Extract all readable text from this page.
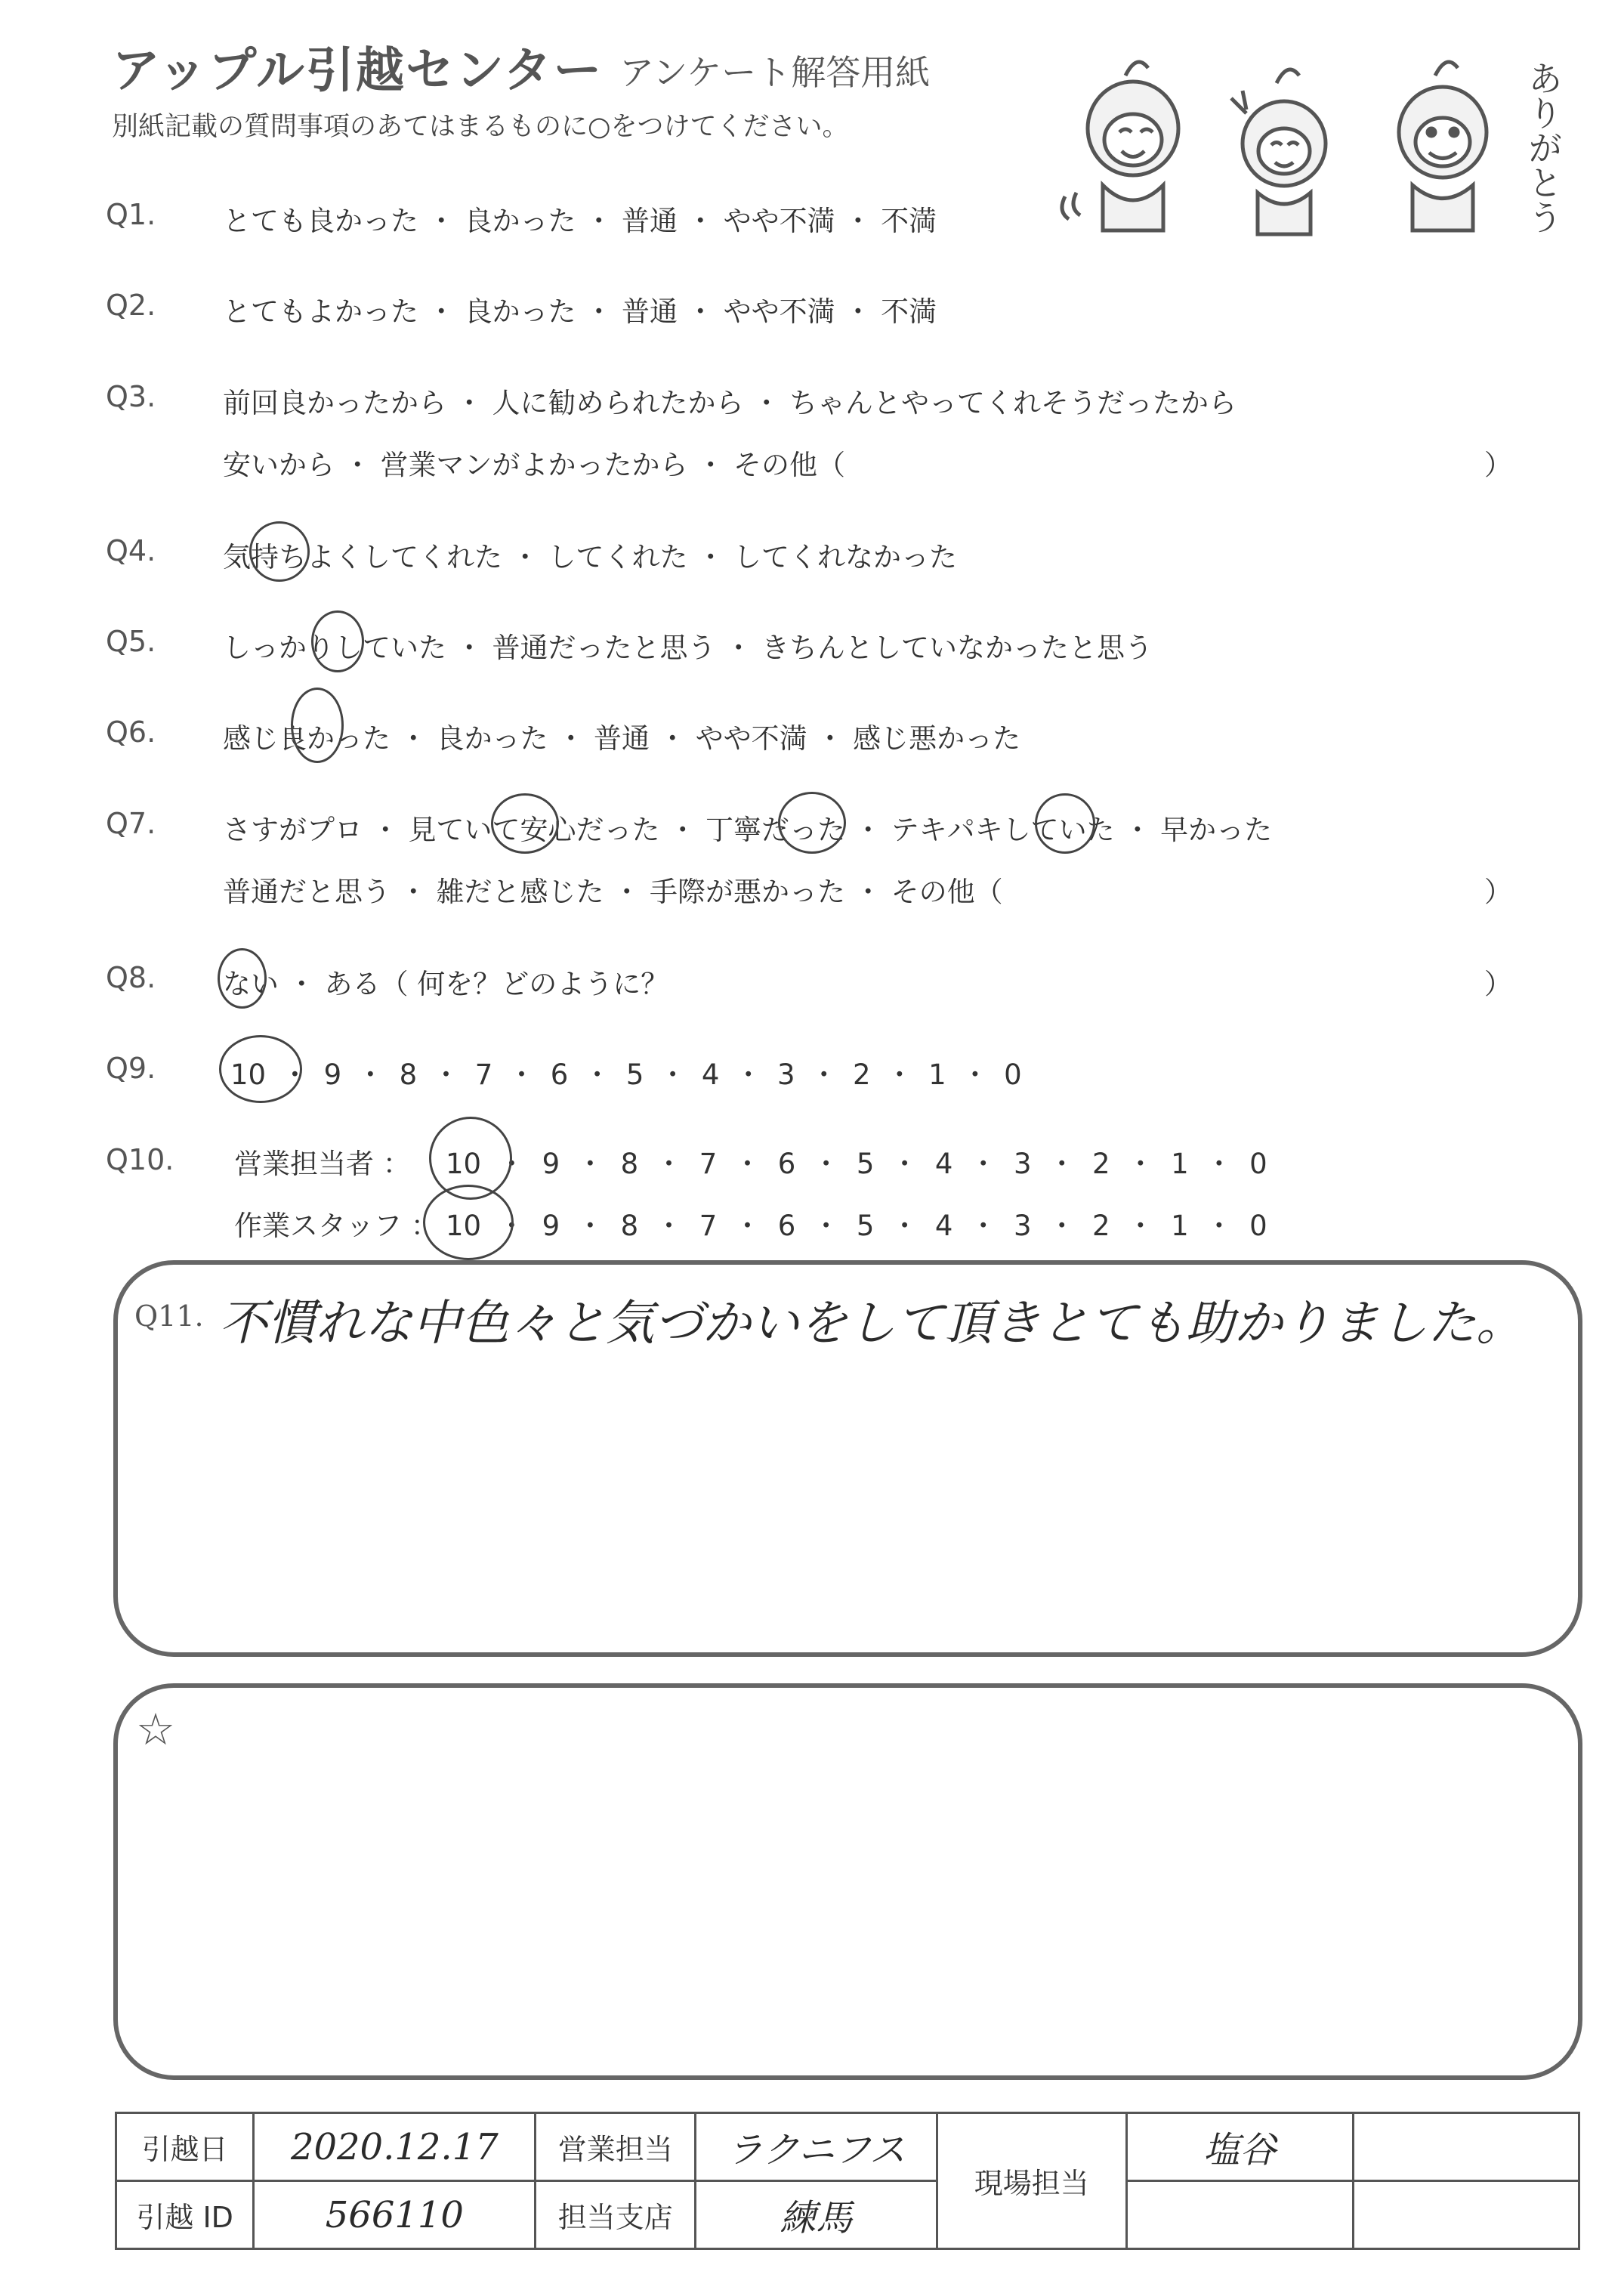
アップル引越センター アンケート解答用紙
別紙記載の質問事項のあてはまるものに○をつけてください。	ありがとう
Q1. とても良かった ・ 良かった ・ 普通 ・ やや不満 ・ 不満
Q2. とてもよかった ・ 良かった ・ 普通 ・ やや不満 ・ 不満
Q3. 前回良かったから ・ 人に勧められたから ・ ちゃんとやってくれそうだったから
安いから ・ 営業マンがよかったから ・ その他（	）
Q4. 気持ちよくしてくれた ・ してくれた ・ してくれなかった
Q5. しっかりしていた ・ 普通だったと思う ・ きちんとしていなかったと思う
Q6. 感じ良かった ・ 良かった ・ 普通 ・ やや不満 ・ 感じ悪かった
Q7. さすがプロ ・ 見ていて安心だった ・ 丁寧だった ・ テキパキしていた ・ 早かった
普通だと思う ・ 雑だと感じた ・ 手際が悪かった ・ その他（	）
Q8. ない ・ ある（ 何を？どのように？	）
Q9.	10 ・ 9 ・ 8 ・ 7 ・ 6 ・ 5 ・ 4 ・ 3 ・ 2 ・ 1 ・ 0
Q10. 営業担当者 ： 10 ・ 9 ・ 8 ・ 7 ・ 6 ・ 5 ・ 4 ・ 3 ・ 2 ・ 1 ・ 0
作業スタッフ ： 10 ・ 9 ・ 8 ・ 7 ・ 6 ・ 5 ・ 4 ・ 3 ・ 2 ・ 1 ・ 0
Q11. 不慣れな中色々と気づかいをして頂きとても助かりました。
☆
引越日	2020.12.17	営業担当	ラクニフス	現場担当	塩谷	
引越 ID	566110	担当支店	練馬			
